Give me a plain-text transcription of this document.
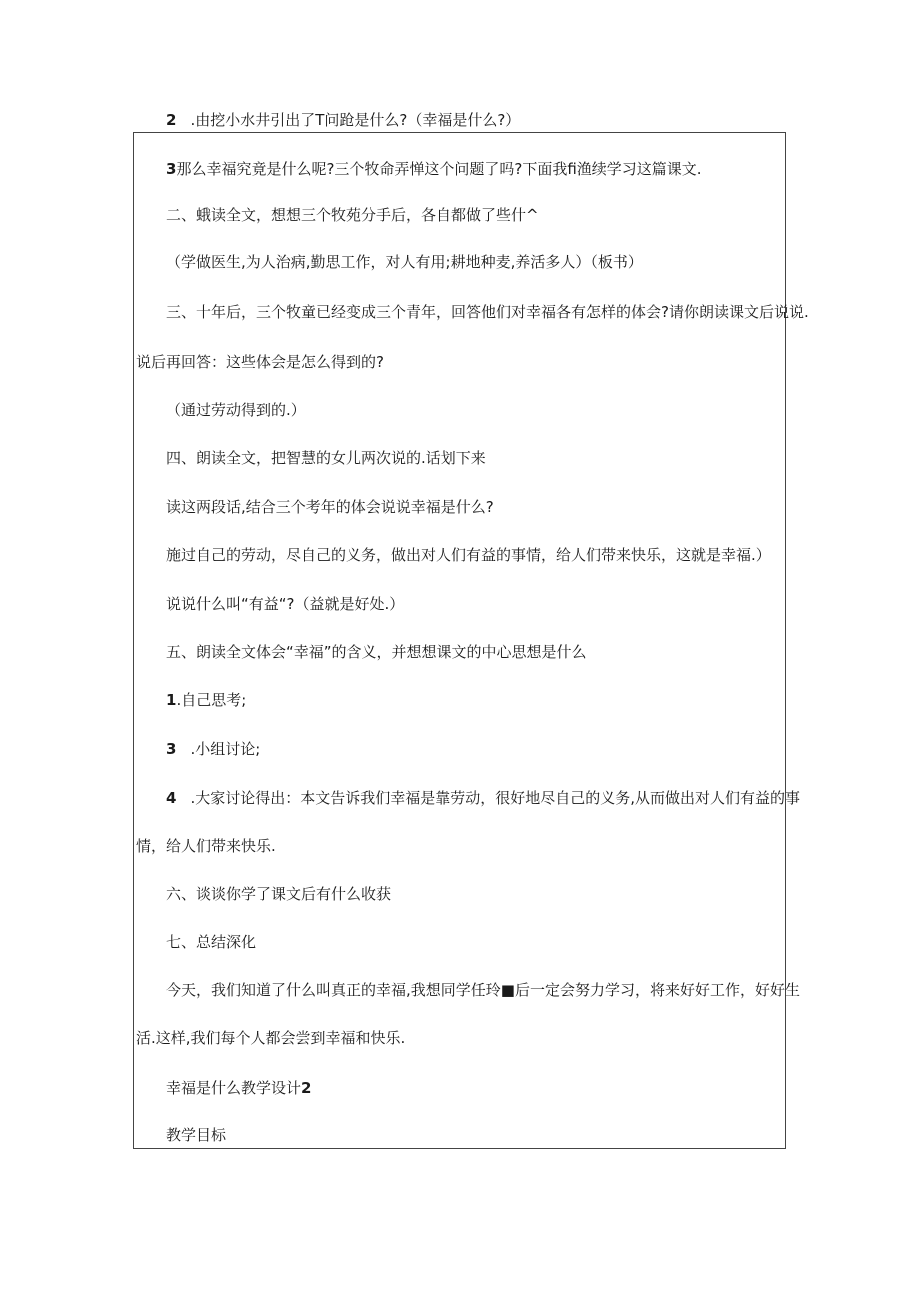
2 .由挖小水井引出了T问跄是什么?（幸福是什么?）
3那么幸福究竟是什么呢?三个牧命弄惮这个问题了吗?下面我fi渔续学习这篇课文.
二、蛾读全文，想想三个牧苑分手后，各自都做了些什^
（学做医生,为人治病,勤思工作，对人有用;耕地种麦,养活多人）（板书）
三、十年后，三个牧童已经变成三个青年，回答他们对幸福各有怎样的体会?请你朗读课文后说说.
说后再回答：这些体会是怎么得到的?
（通过劳动得到的.）
四、朗读全文，把智慧的女儿两次说的.话划下来
读这两段话,结合三个考年的体会说说幸福是什么?
施过自己的劳动，尽自己的义务，做出对人们有益的事情，给人们带来快乐，这就是幸福.）
说说什么叫“有益“?（益就是好处.）
五、朗读全文体会“幸福”的含义，并想想课文的中心思想是什么
1.自己思考;
3 .小组讨论;
4 .大家讨论得出：本文告诉我们幸福是靠劳动，很好地尽自己的义务,从而做出对人们有益的事
情，给人们带来快乐.
六、谈谈你学了课文后有什么收获
七、总结深化
今天，我们知道了什么叫真正的幸福,我想同学任玲■后一定会努力学习，将来好好工作，好好生
活.这样,我们每个人都会尝到幸福和快乐.
幸福是什么教学设计2
教学目标
